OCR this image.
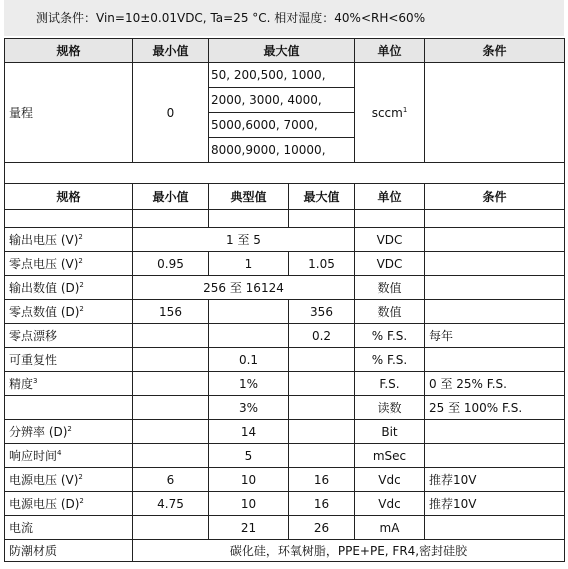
测试条件：Vin=10±0.01VDC, Ta=25 °C. 相对湿度：40%<RH<60%
规格	最小值	最大值	单位	条件
量程	0	50, 200,500, 1000,
2000, 3000, 4000,
5000,6000, 7000,
8000,9000, 10000,	sccm$^1$	

规格	最小值	典型值	最大值	单位	条件

输出电压 $(V)^2$	1 至 5			VDC	
零点电压 $(V)^2$	0.95	1	1.05	VDC	
输出数值 $(D)^2$	256 至 16124			数值	
零点数值 $(D)^2$	156		356	数值	
零点漂移			0.2	% F.S.	每年
可重复性		0.1		% F.S.	
精度$^3$		1%		F.S.	0 至 25% F.S.
		3%		读数	25 至 100% F.S.
分辨率 $(D)^2$		14		Bit	
响应时间$^4$		5		mSec	
电源电压 $(V)^2$	6	10	16	Vdc	推荐10V
电源电压 $(D)^2$	4.75	10	16	Vdc	推荐10V
电流		21	26	mA	
防潮材质	碳化硅，环氧树脂，PPE+PE, FR4,密封硅胶				
